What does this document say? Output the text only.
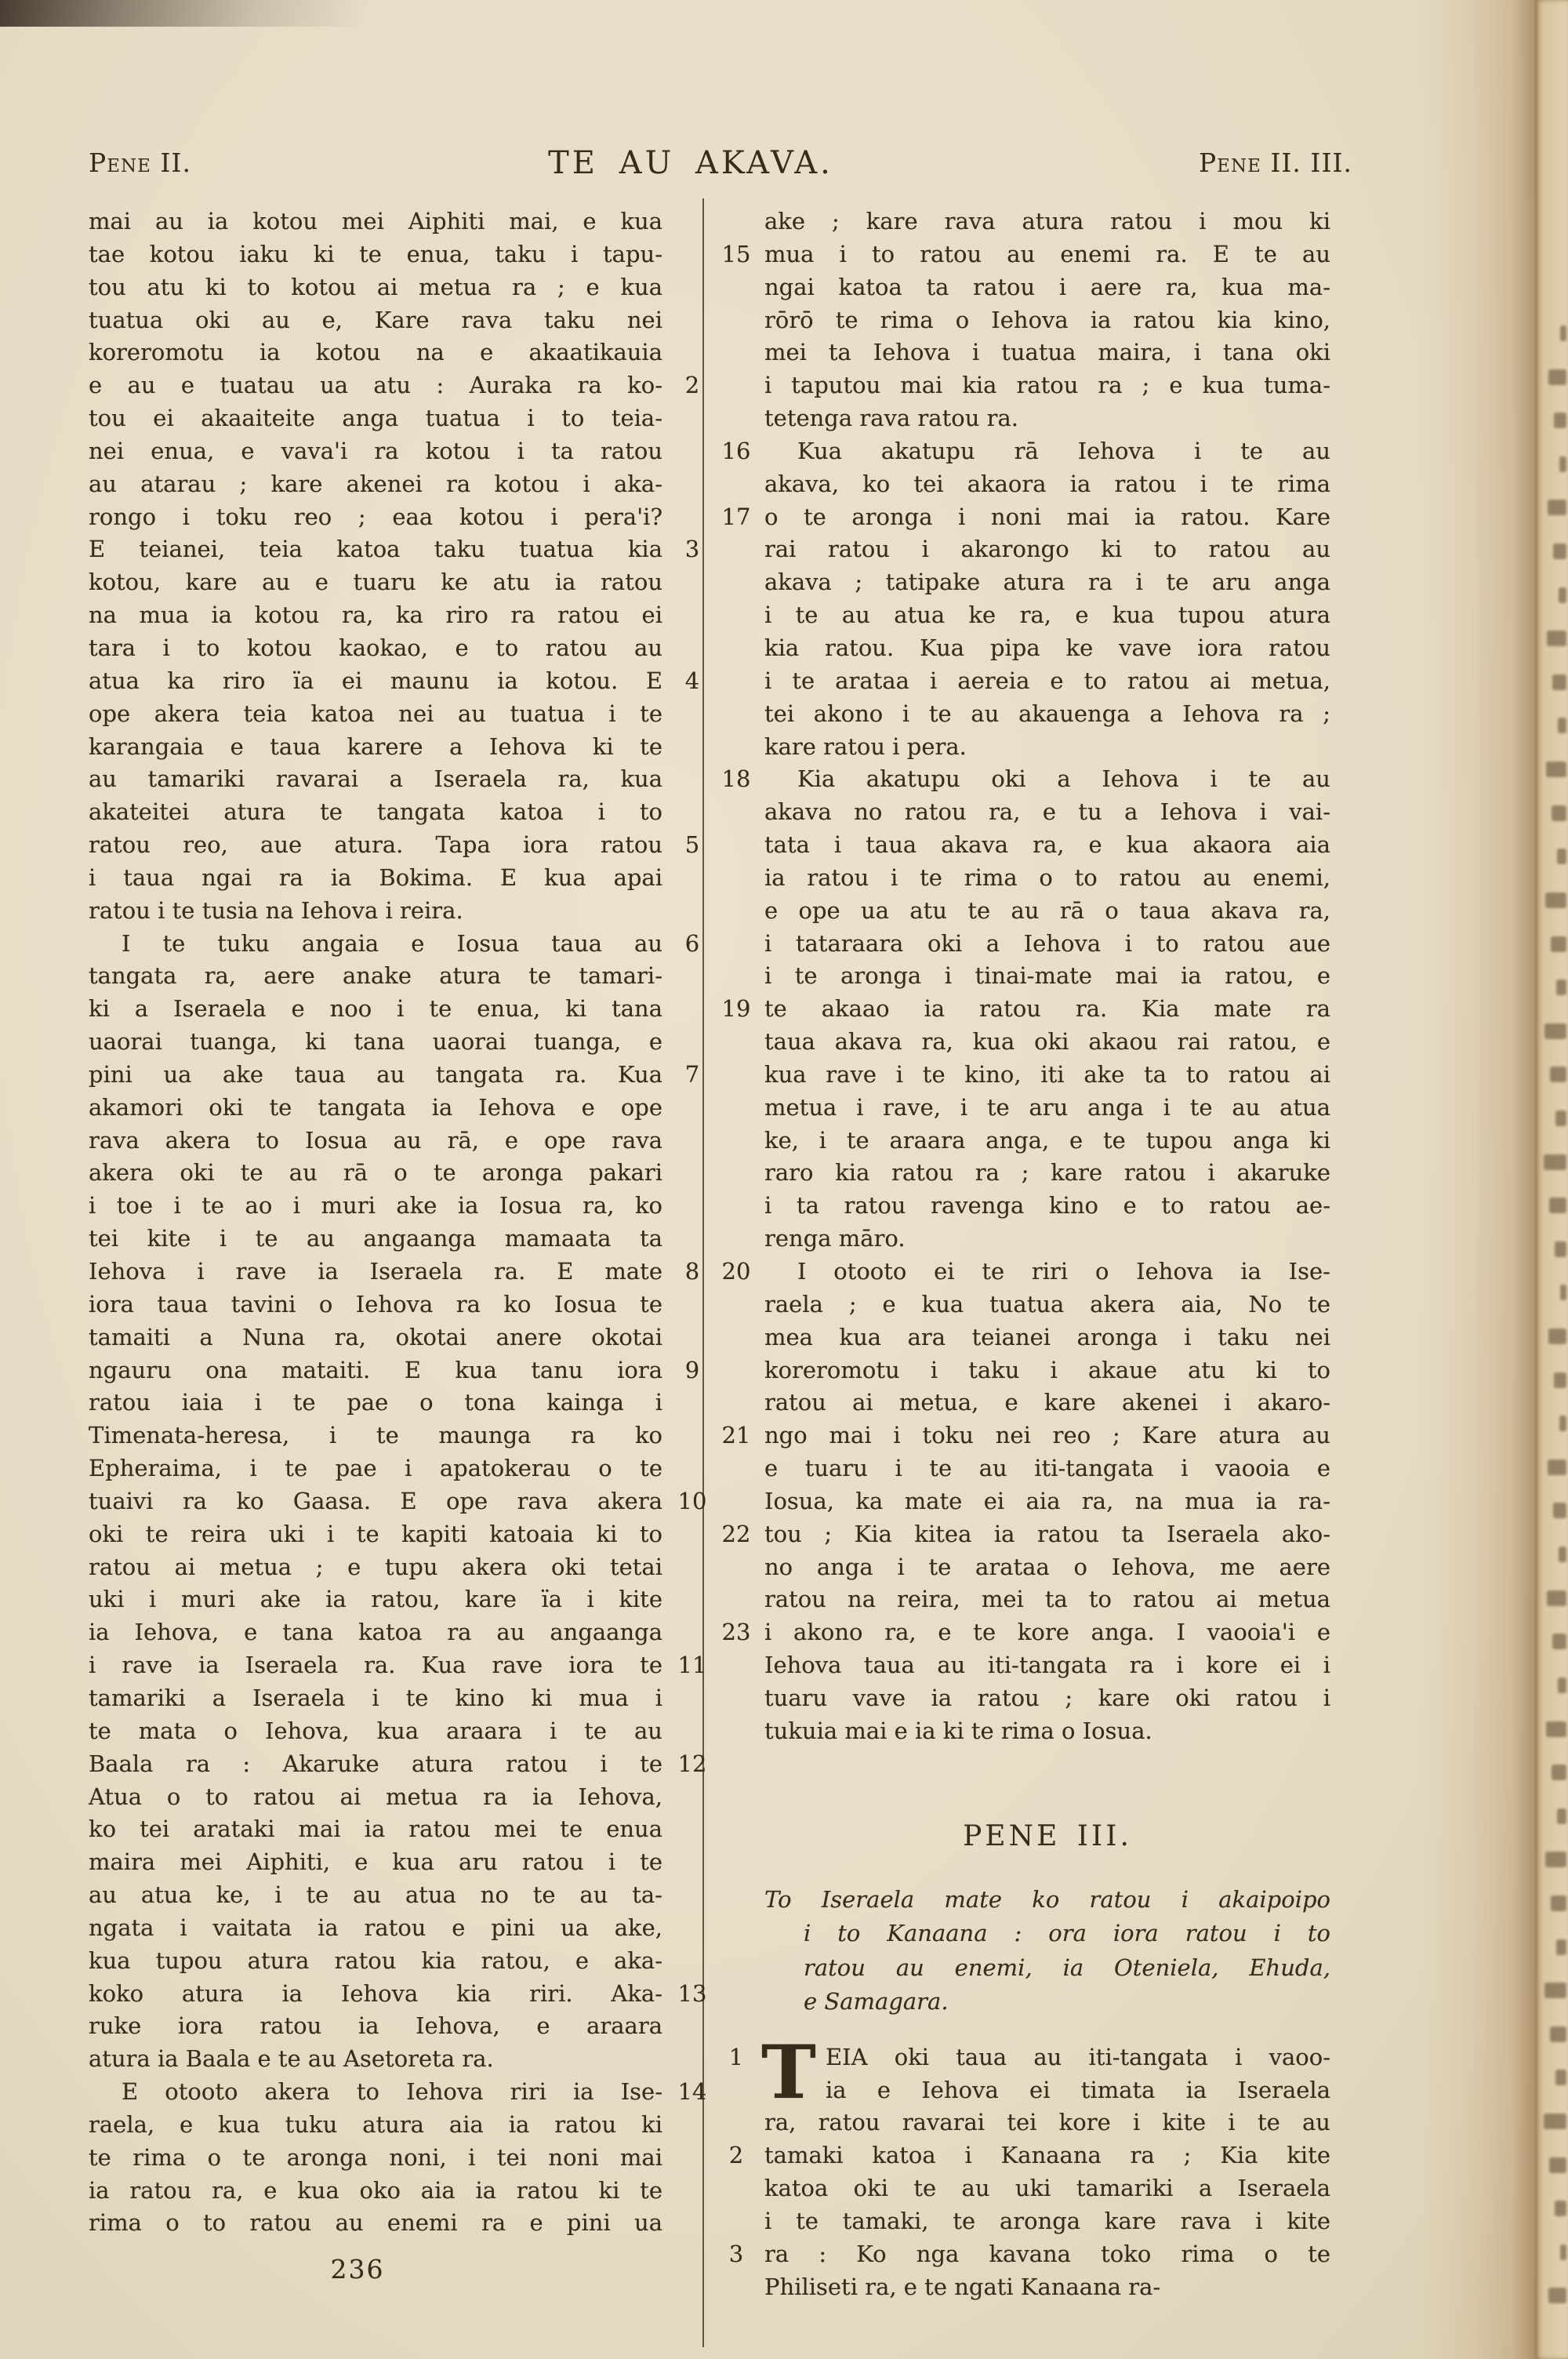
Pene II.	TE AU AKAVA.	Pene II. III.
mai au ia kotou mei Aiphiti mai, e kua
tae kotou iaku ki te enua, taku i tapu-
tou atu ki to kotou ai metua ra ; e kua
tuatua oki au e, Kare rava taku nei
koreromotu ia kotou na e akaatikauia
2
e au e tuatau ua atu : Auraka ra ko-
tou ei akaaiteite anga tuatua i to teia-
nei enua, e vava'i ra kotou i ta ratou
au atarau ; kare akenei ra kotou i aka-
rongo i toku reo ; eaa kotou i pera'i?
3
E teianei, teia katoa taku tuatua kia
kotou, kare au e tuaru ke atu ia ratou
na mua ia kotou ra, ka riro ra ratou ei
tara i to kotou kaokao, e to ratou au
4
atua ka riro ïa ei maunu ia kotou. E
ope akera teia katoa nei au tuatua i te
karangaia e taua karere a Iehova ki te
au tamariki ravarai a Iseraela ra, kua
akateitei atura te tangata katoa i to
5
ratou reo, aue atura. Tapa iora ratou
i taua ngai ra ia Bokima. E kua apai
ratou i te tusia na Iehova i reira.
6
I te tuku angaia e Iosua taua au
tangata ra, aere anake atura te tamari-
ki a Iseraela e noo i te enua, ki tana
uaorai tuanga, ki tana uaorai tuanga, e
7
pini ua ake taua au tangata ra. Kua
akamori oki te tangata ia Iehova e ope
rava akera to Iosua au rā, e ope rava
akera oki te au rā o te aronga pakari
i toe i te ao i muri ake ia Iosua ra, ko
tei kite i te au angaanga mamaata ta
8
Iehova i rave ia Iseraela ra. E mate
iora taua tavini o Iehova ra ko Iosua te
tamaiti a Nuna ra, okotai anere okotai
9
ngauru ona mataiti. E kua tanu iora
ratou iaia i te pae o tona kainga i
Timenata-heresa, i te maunga ra ko
Epheraima, i te pae i apatokerau o te
10
tuaivi ra ko Gaasa. E ope rava akera
oki te reira uki i te kapiti katoaia ki to
ratou ai metua ; e tupu akera oki tetai
uki i muri ake ia ratou, kare ïa i kite
ia Iehova, e tana katoa ra au angaanga
11
i rave ia Iseraela ra. Kua rave iora te
tamariki a Iseraela i te kino ki mua i
te mata o Iehova, kua araara i te au
12
Baala ra : Akaruke atura ratou i te
Atua o to ratou ai metua ra ia Iehova,
ko tei arataki mai ia ratou mei te enua
maira mei Aiphiti, e kua aru ratou i te
au atua ke, i te au atua no te au ta-
ngata i vaitata ia ratou e pini ua ake,
kua tupou atura ratou kia ratou, e aka-
13
koko atura ia Iehova kia riri. Aka-
ruke iora ratou ia Iehova, e araara
atura ia Baala e te au Asetoreta ra.
14
E otooto akera to Iehova riri ia Ise-
raela, e kua tuku atura aia ia ratou ki
te rima o te aronga noni, i tei noni mai
ia ratou ra, e kua oko aia ia ratou ki te
rima o to ratou au enemi ra e pini ua
ake ; kare rava atura ratou i mou ki
15 mua i to ratou au enemi ra. E te au
ngai katoa ta ratou i aere ra, kua ma-
rōrō te rima o Iehova ia ratou kia kino,
mei ta Iehova i tuatua maira, i tana oki
i taputou mai kia ratou ra ; e kua tuma-
tetenga rava ratou ra.
16	Kua akatupu rā Iehova i te au
akava, ko tei akaora ia ratou i te rima
17 o te aronga i noni mai ia ratou. Kare
rai ratou i akarongo ki to ratou au
akava ; tatipake atura ra i te aru anga
i te au atua ke ra, e kua tupou atura
kia ratou. Kua pipa ke vave iora ratou
i te arataa i aereia e to ratou ai metua,
tei akono i te au akauenga a Iehova ra ;
kare ratou i pera.
18	Kia akatupu oki a Iehova i te au
akava no ratou ra, e tu a Iehova i vai-
tata i taua akava ra, e kua akaora aia
ia ratou i te rima o to ratou au enemi,
e ope ua atu te au rā o taua akava ra,
i tataraara oki a Iehova i to ratou aue
i te aronga i tinai-mate mai ia ratou, e
19 te akaao ia ratou ra. Kia mate ra
taua akava ra, kua oki akaou rai ratou, e
kua rave i te kino, iti ake ta to ratou ai
metua i rave, i te aru anga i te au atua
ke, i te araara anga, e te tupou anga ki
raro kia ratou ra ; kare ratou i akaruke
i ta ratou ravenga kino e to ratou ae-
renga māro.
20	I otooto ei te riri o Iehova ia Ise-
raela ; e kua tuatua akera aia, No te
mea kua ara teianei aronga i taku nei
koreromotu i taku i akaue atu ki to
ratou ai metua, e kare akenei i akaro-
21 ngo mai i toku nei reo ; Kare atura au
e tuaru i te au iti-tangata i vaooia e
Iosua, ka mate ei aia ra, na mua ia ra-
22 tou ; Kia kitea ia ratou ta Iseraela ako-
no anga i te arataa o Iehova, me aere
ratou na reira, mei ta to ratou ai metua
23 i akono ra, e te kore anga. I vaooia'i e
Iehova taua au iti-tangata ra i kore ei i
tuaru vave ia ratou ; kare oki ratou i
tukuia mai e ia ki te rima o Iosua.
PENE III.
To Iseraela mate ko ratou i akaipoipo
i to Kanaana : ora iora ratou i to
ratou au enemi, ia Oteniela, Ehuda,
e Samagara.
T
1	EIA oki taua au iti-tangata i vaoo-
ia e Iehova ei timata ia Iseraela
ra, ratou ravarai tei kore i kite i te au
2 tamaki katoa i Kanaana ra ; Kia kite
katoa oki te au uki tamariki a Iseraela
i te tamaki, te aronga kare rava i kite
3 ra : Ko nga kavana toko rima o te
Philiseti ra, e te ngati Kanaana ra-
236
